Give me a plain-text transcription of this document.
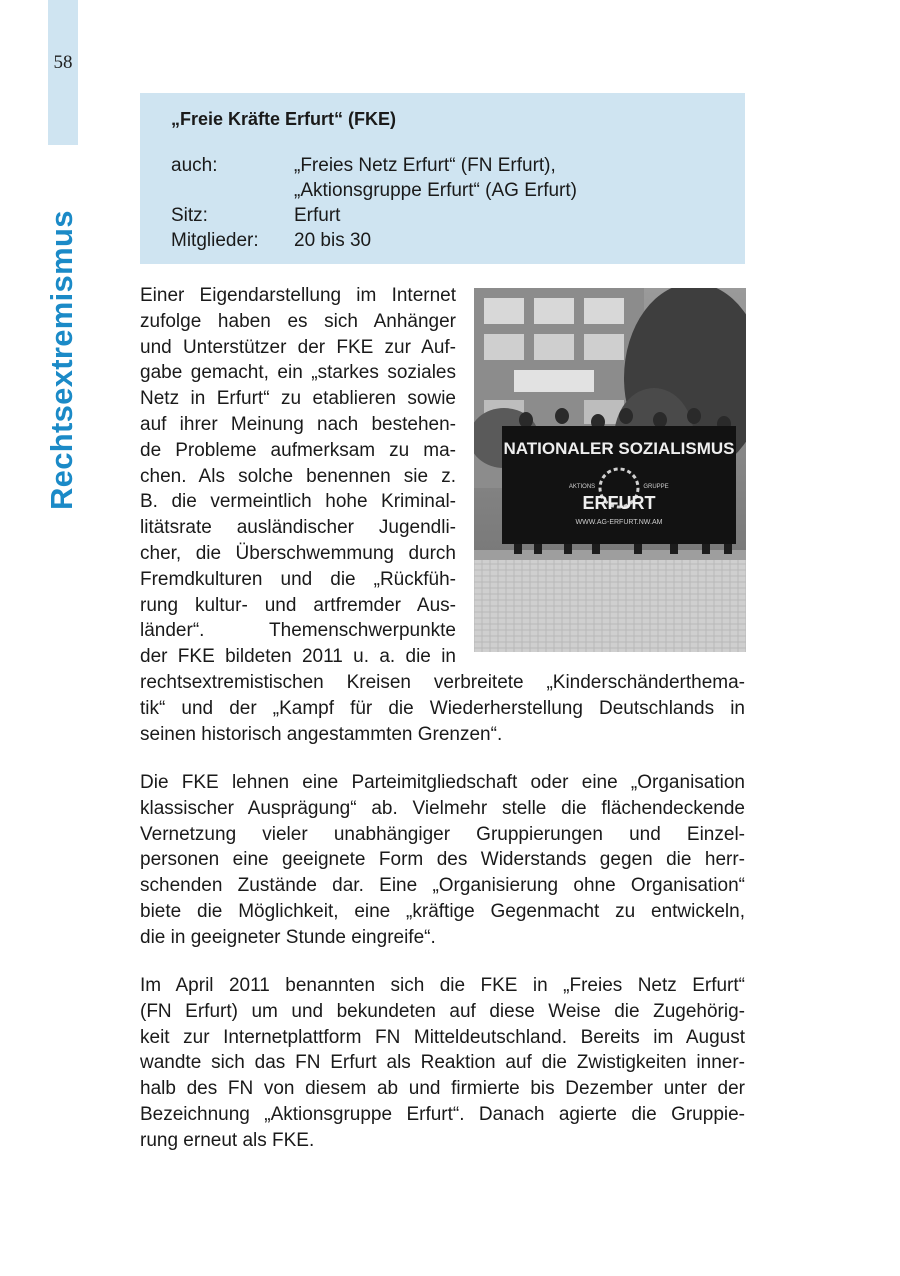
58
Rechtsextremismus
„Freie Kräfte Erfurt“ (FKE)
auch:	„Freies Netz Erfurt“ (FN Erfurt),
„Aktionsgruppe Erfurt“ (AG Erfurt)
Sitz:	Erfurt
Mitglieder:	20 bis 30
NATIONALER SOZIALISMUS
AKTIONS	GRUPPE
ERFURT
WWW.AG-ERFURT.NW.AM
Einer Eigendarstellung im Internet
zufolge haben es sich Anhänger
und Unterstützer der FKE zur Auf-
gabe gemacht, ein „starkes soziales
Netz in Erfurt“ zu etablieren sowie
auf ihrer Meinung nach bestehen-
de Probleme aufmerksam zu ma-
chen. Als solche benennen sie z.
B. die vermeintlich hohe Kriminal-
litätsrate ausländischer Jugendli-
cher, die Überschwemmung durch
Fremdkulturen und die „Rückfüh-
rung kultur- und artfremder Aus-
länder“. Themenschwerpunkte
der FKE bildeten 2011 u. a. die in
rechtsextremistischen Kreisen verbreitete „Kinderschänderthema-
tik“ und der „Kampf für die Wiederherstellung Deutschlands in
seinen historisch angestammten Grenzen“.
Die FKE lehnen eine Parteimitgliedschaft oder eine „Organisation
klassischer Ausprägung“ ab. Vielmehr stelle die flächendeckende
Vernetzung vieler unabhängiger Gruppierungen und Einzel-
personen eine geeignete Form des Widerstands gegen die herr-
schenden Zustände dar. Eine „Organisierung ohne Organisation“
biete die Möglichkeit, eine „kräftige Gegenmacht zu entwickeln,
die in geeigneter Stunde eingreife“.
Im April 2011 benannten sich die FKE in „Freies Netz Erfurt“
(FN Erfurt) um und bekundeten auf diese Weise die Zugehörig-
keit zur Internetplattform FN Mitteldeutschland. Bereits im August
wandte sich das FN Erfurt als Reaktion auf die Zwistigkeiten inner-
halb des FN von diesem ab und firmierte bis Dezember unter der
Bezeichnung „Aktionsgruppe Erfurt“. Danach agierte die Gruppie-
rung erneut als FKE.
